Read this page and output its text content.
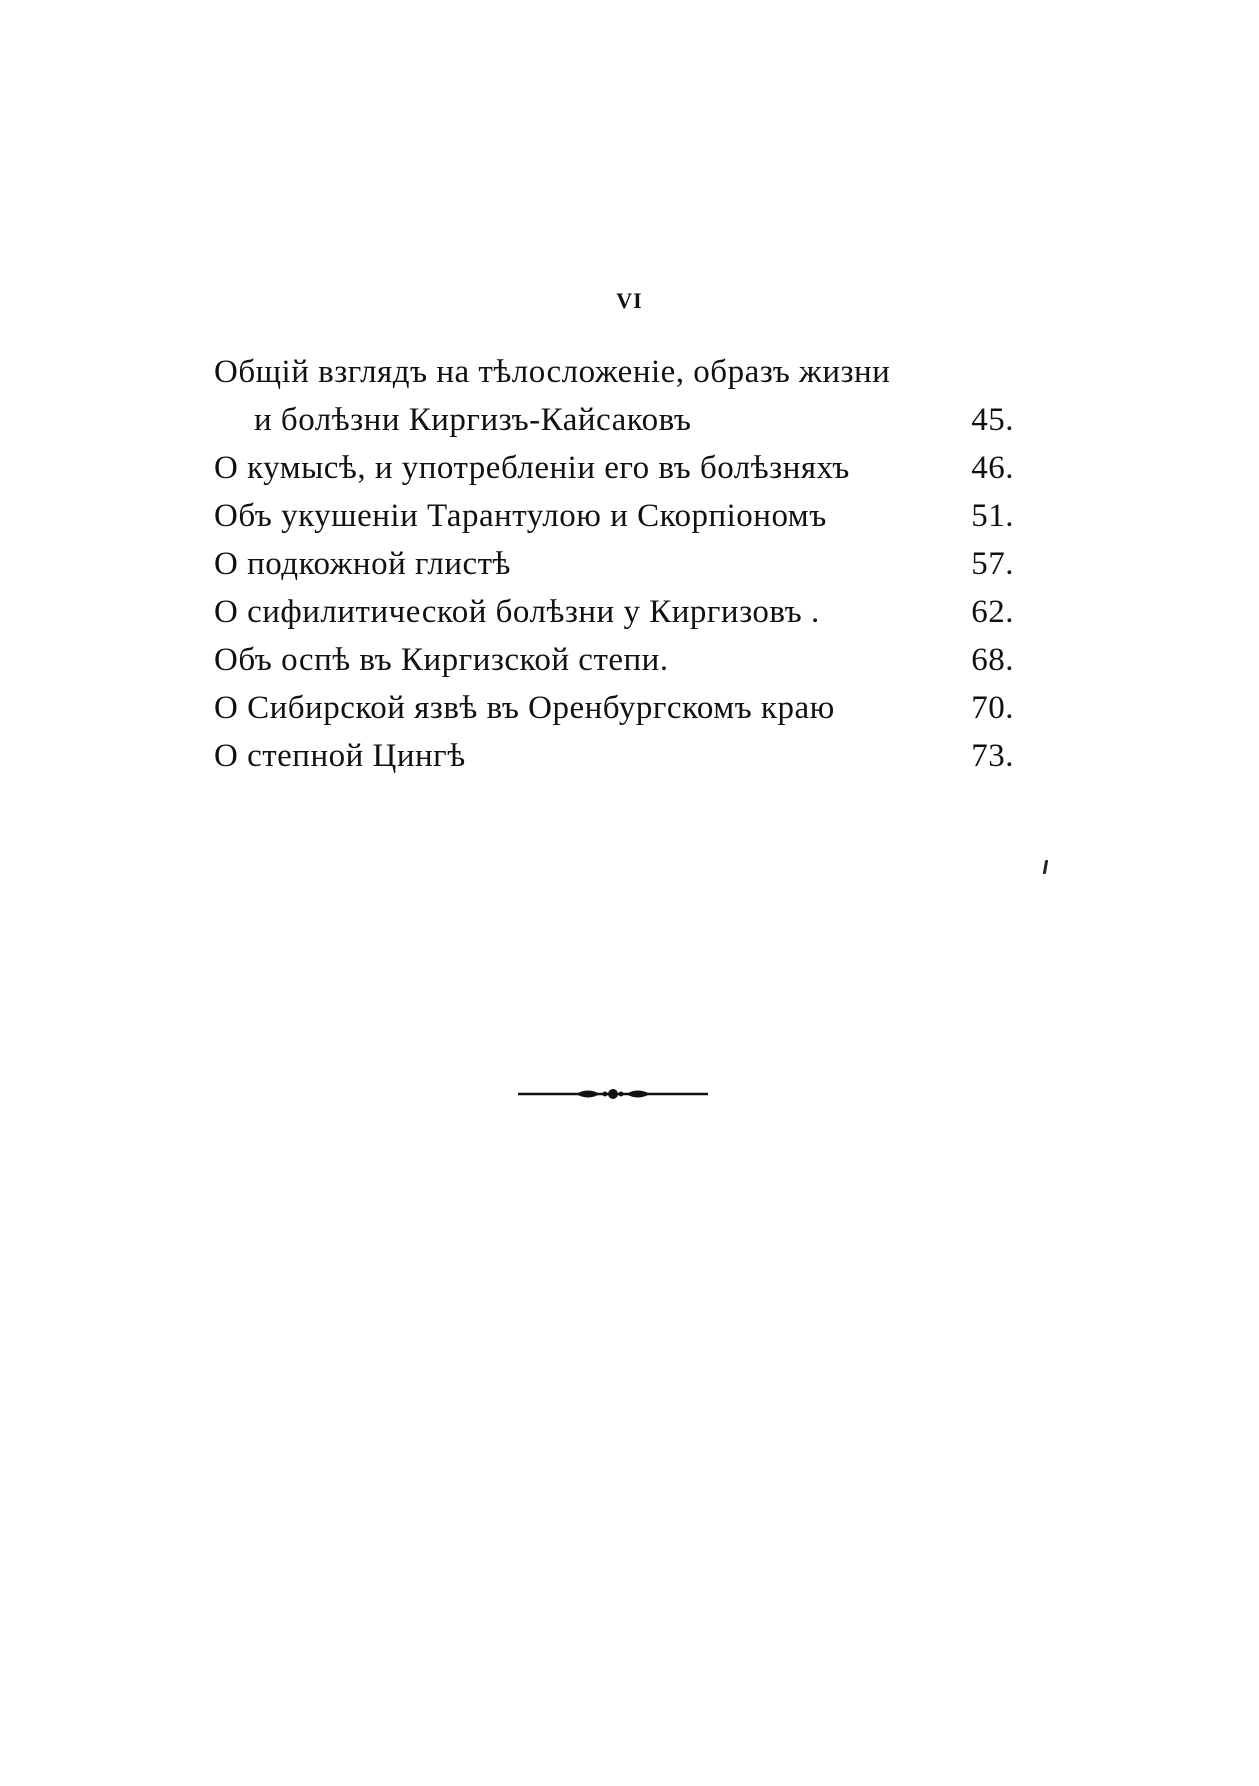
VI
Общій взглядъ на тѣлосложеніе, образъ жизни
и болѣзни Киргизъ-Кайсаковъ	45.
О кумысѣ, и употребленіи его въ болѣзняхъ	46.
Объ укушеніи Тарантулою и Скорпіономъ	51.
О подкожной глистѣ	57.
О сифилитической болѣзни у Киргизовъ .	62.
Объ оспѣ въ Киргизской степи.	68.
О Сибирской язвѣ въ Оренбургскомъ краю	70.
О степной Цингѣ	73.
